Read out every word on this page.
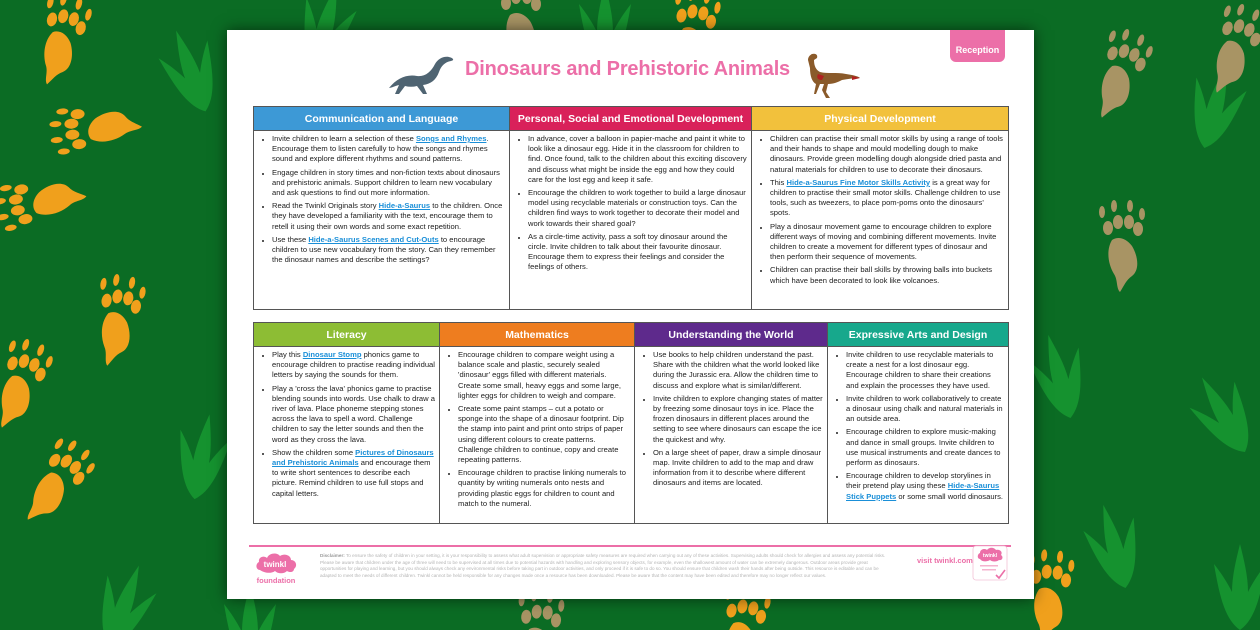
Reception
Dinosaurs and Prehistoric Animals
Communication and Language
• Invite children to learn a selection of these Songs and Rhymes. Encourage them to listen carefully to how the songs and rhymes sound and explore different rhythms and sound patterns.
• Engage children in story times and non-fiction texts about dinosaurs and prehistoric animals. Support children to learn new vocabulary and ask questions to find out more information.
• Read the Twinkl Originals story Hide-a-Saurus to the children. Once they have developed a familiarity with the text, encourage them to retell it using their own words and some exact repetition.
• Use these Hide-a-Saurus Scenes and Cut-Outs to encourage children to use new vocabulary from the story. Can they remember the dinosaur names and describe the settings?
Personal, Social and Emotional Development
• In advance, cover a balloon in papier-mache and paint it white to look like a dinosaur egg. Hide it in the classroom for children to find. Once found, talk to the children about this exciting discovery and discuss what might be inside the egg and how they could care for the lost egg and keep it safe.
• Encourage the children to work together to build a large dinosaur model using recyclable materials or construction toys. Can the children find ways to work together to decorate their model and work towards their shared goal?
• As a circle-time activity, pass a soft toy dinosaur around the circle. Invite children to talk about their favourite dinosaur. Encourage them to express their feelings and consider the feelings of others.
Physical Development
• Children can practise their small motor skills by using a range of tools and their hands to shape and mould modelling dough to make dinosaurs. Provide green modelling dough alongside dried pasta and natural materials for children to use to decorate their dinosaurs.
• This Hide-a-Saurus Fine Motor Skills Activity is a great way for children to practise their small motor skills. Challenge children to use tools, such as tweezers, to place pom-poms onto the dinosaurs' spots.
• Play a dinosaur movement game to encourage children to explore different ways of moving and combining different movements. Invite children to create a movement for different types of dinosaur and then perform their sequence of movements.
• Children can practise their ball skills by throwing balls into buckets which have been decorated to look like volcanoes.
Literacy
• Play this Dinosaur Stomp phonics game to encourage children to practise reading individual letters by saying the sounds for them.
• Play a 'cross the lava' phonics game to practise blending sounds into words. Use chalk to draw a river of lava. Place phoneme stepping stones across the lava to spell a word. Challenge children to say the letter sounds and then the word as they cross the lava.
• Show the children some Pictures of Dinosaurs and Prehistoric Animals and encourage them to write short sentences to describe each picture. Remind children to use full stops and capital letters.
Mathematics
• Encourage children to compare weight using a balance scale and plastic, securely sealed 'dinosaur' eggs filled with different materials. Create some small, heavy eggs and some large, lighter eggs for children to weigh and compare.
• Create some paint stamps – cut a potato or sponge into the shape of a dinosaur footprint. Dip the stamp into paint and print onto strips of paper using different colours to create patterns. Challenge children to continue, copy and create repeating patterns.
• Encourage children to practise linking numerals to quantity by writing numerals onto nests and providing plastic eggs for children to count and match to the numeral.
Understanding the World
• Use books to help children understand the past. Share with the children what the world looked like during the Jurassic era. Allow the children time to discuss and explore what is similar/different.
• Invite children to explore changing states of matter by freezing some dinosaur toys in ice. Place the frozen dinosaurs in different places around the setting to see where dinosaurs can escape the ice the quickest and why.
• On a large sheet of paper, draw a simple dinosaur map. Invite children to add to the map and draw information from it to describe where different dinosaurs and items are located.
Expressive Arts and Design
• Invite children to use recyclable materials to create a nest for a lost dinosaur egg. Encourage children to share their creations and explain the processes they have used.
• Invite children to work collaboratively to create a dinosaur using chalk and natural materials in an outside area.
• Encourage children to explore music-making and dance in small groups. Invite children to use musical instruments and create dances to perform as dinosaurs.
• Encourage children to develop storylines in their pretend play using these Hide-a-Saurus Stick Puppets or some small world dinosaurs.
twinkl
foundation
Disclaimer: To ensure the safety of children in your setting, it is your responsibility to assess what adult supervision or appropriate safety measures are required when carrying out any of these activities. Supervising adults should check for allergies and assess any potential risks. Please be aware that children under the age of three will need to be supervised at all times due to potential hazards with handling and exploring sensory objects, for example, even the shallowest amount of water can be extremely dangerous. Outdoor areas provide great opportunities for playing and learning, but you should always check any environmental risks before taking part in outdoor activities, and only proceed if it is safe to do so. You should ensure that children wash their hands after being outside. This resource is editable and can be adapted to meet the needs of different children. Twinkl cannot be held responsible for any changes made once a resource has been downloaded. Please be aware that the content may have been edited and therefore may no longer reflect our values.
visit twinkl.com twinkl
